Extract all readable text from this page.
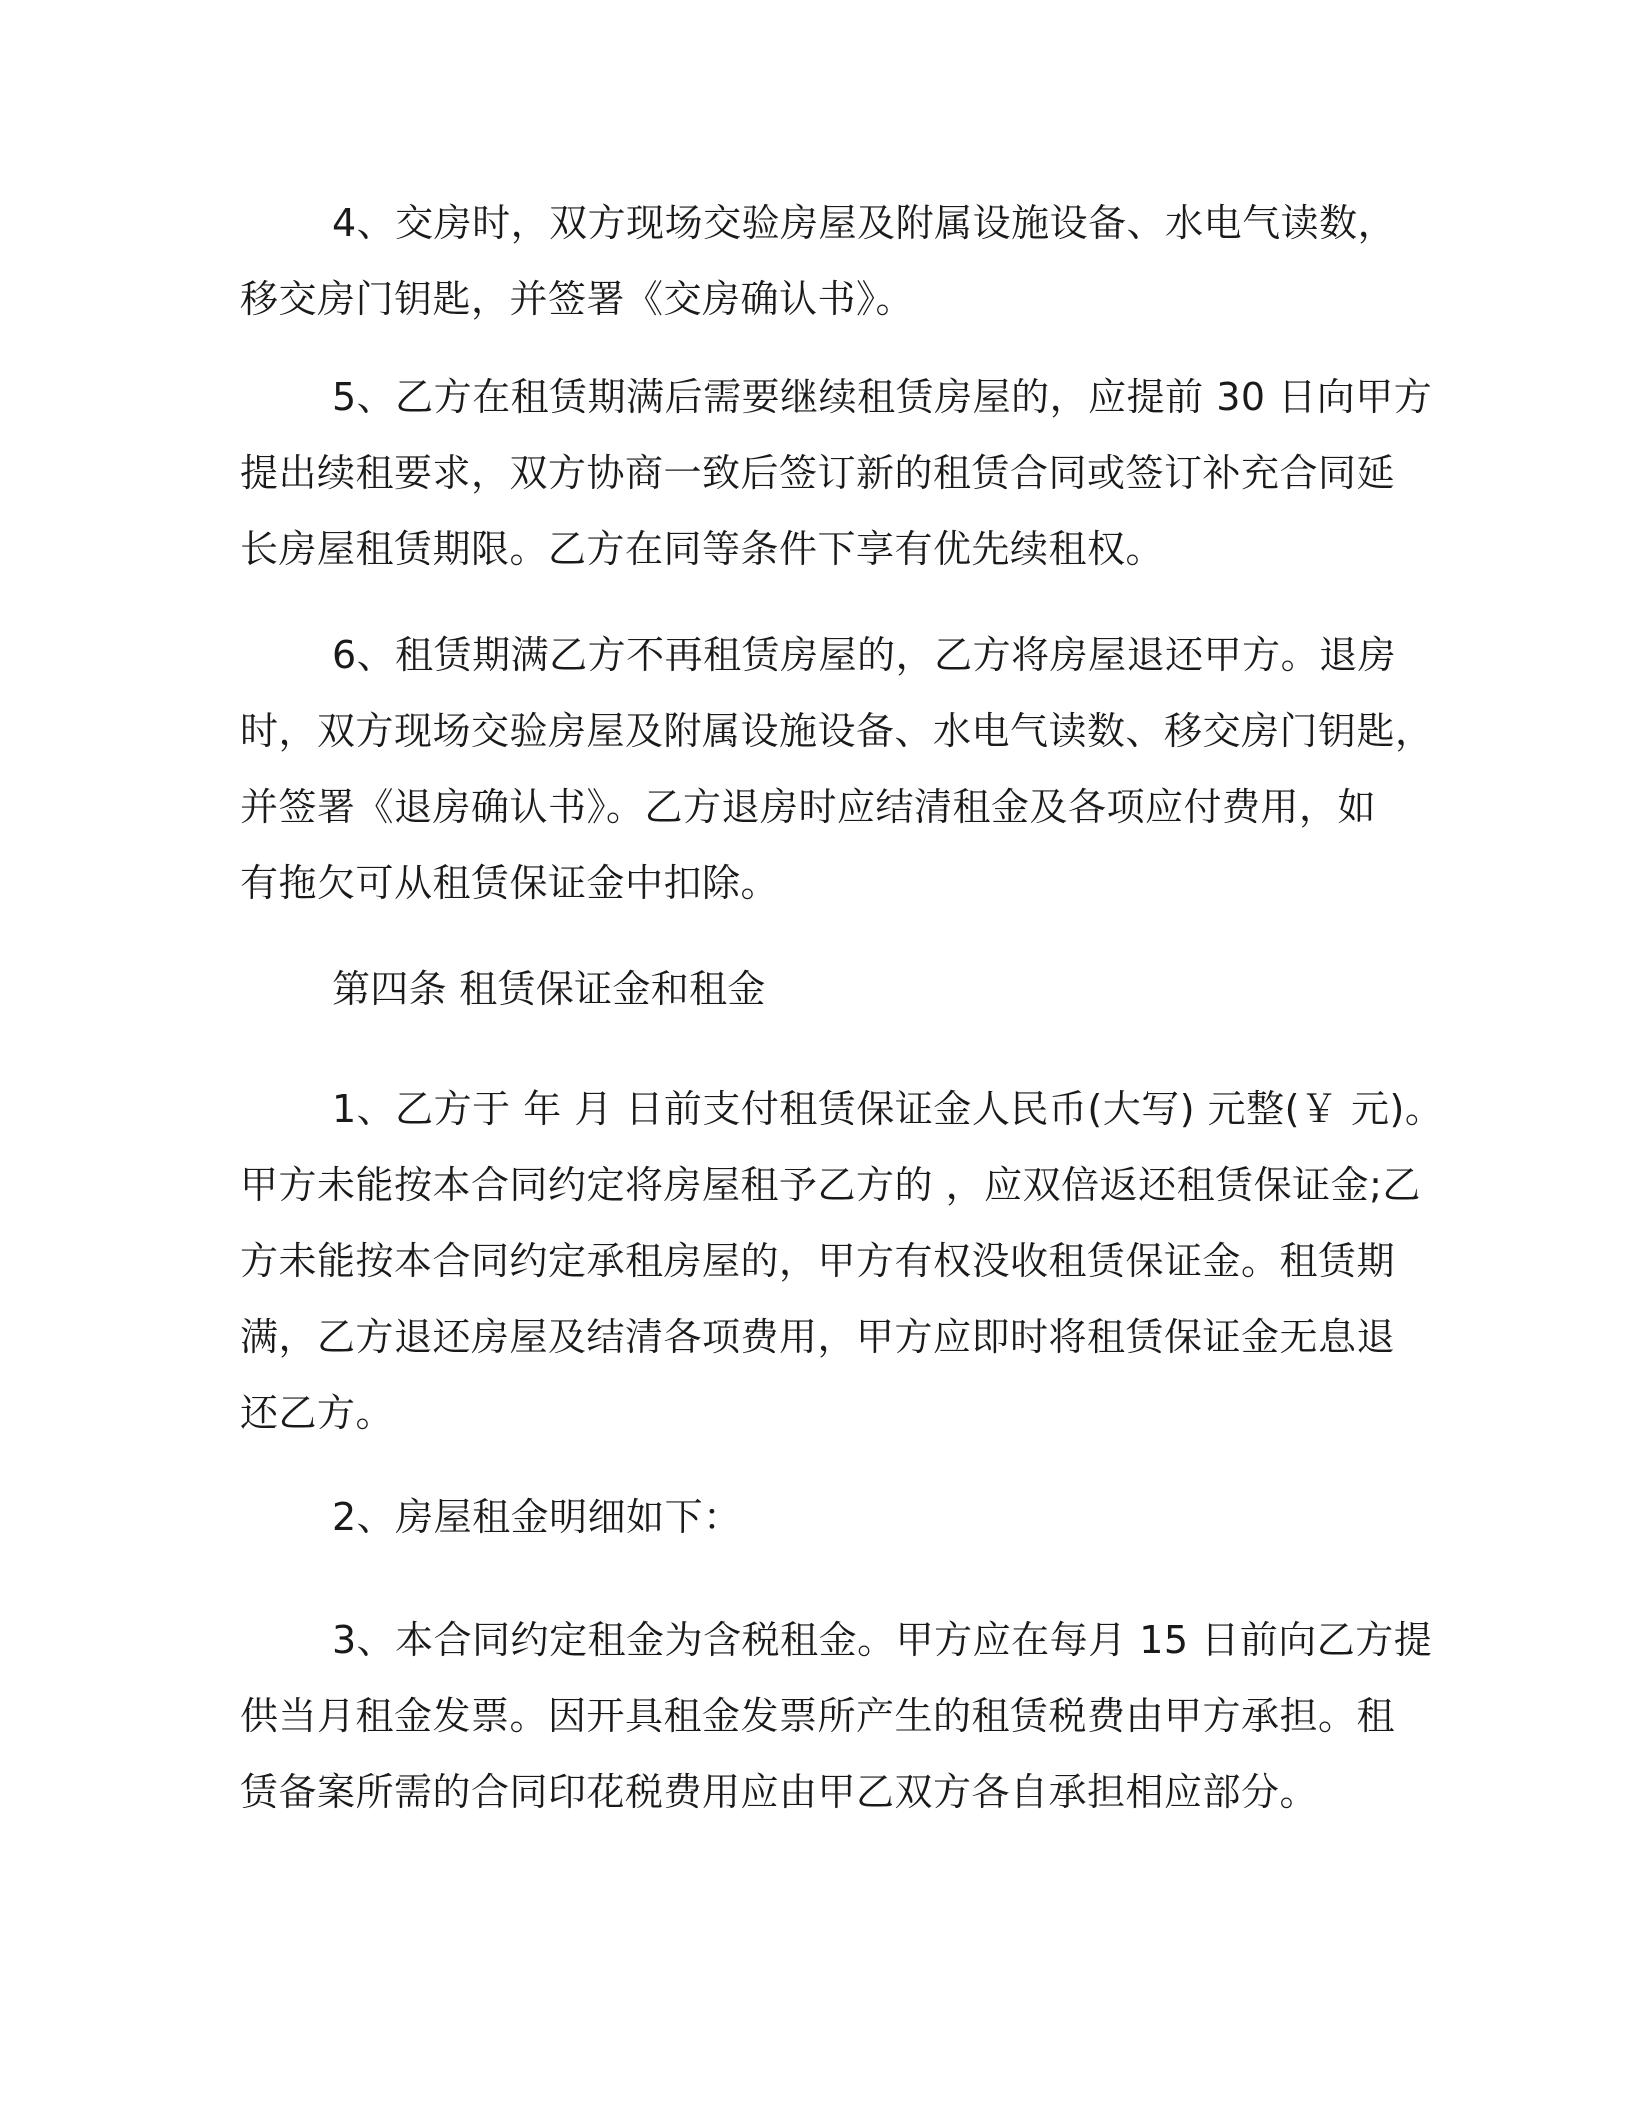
4、交房时，双方现场交验房屋及附属设施设备、水电气读数，
移交房门钥匙，并签署《交房确认书》。
5、乙方在租赁期满后需要继续租赁房屋的，应提前 30 日向甲方
提出续租要求，双方协商一致后签订新的租赁合同或签订补充合同延
长房屋租赁期限。乙方在同等条件下享有优先续租权。
6、租赁期满乙方不再租赁房屋的，乙方将房屋退还甲方。退房
时，双方现场交验房屋及附属设施设备、水电气读数、移交房门钥匙，
并签署《退房确认书》。乙方退房时应结清租金及各项应付费用，如
有拖欠可从租赁保证金中扣除。
第四条 租赁保证金和租金
1、乙方于 年 月 日前支付租赁保证金人民币(大写) 元整(￥ 元)。
甲方未能按本合同约定将房屋租予乙方的 ，应双倍返还租赁保证金;乙
方未能按本合同约定承租房屋的，甲方有权没收租赁保证金。租赁期
满，乙方退还房屋及结清各项费用，甲方应即时将租赁保证金无息退
还乙方。
2、房屋租金明细如下：
3、本合同约定租金为含税租金。甲方应在每月 15 日前向乙方提
供当月租金发票。因开具租金发票所产生的租赁税费由甲方承担。租
赁备案所需的合同印花税费用应由甲乙双方各自承担相应部分。
